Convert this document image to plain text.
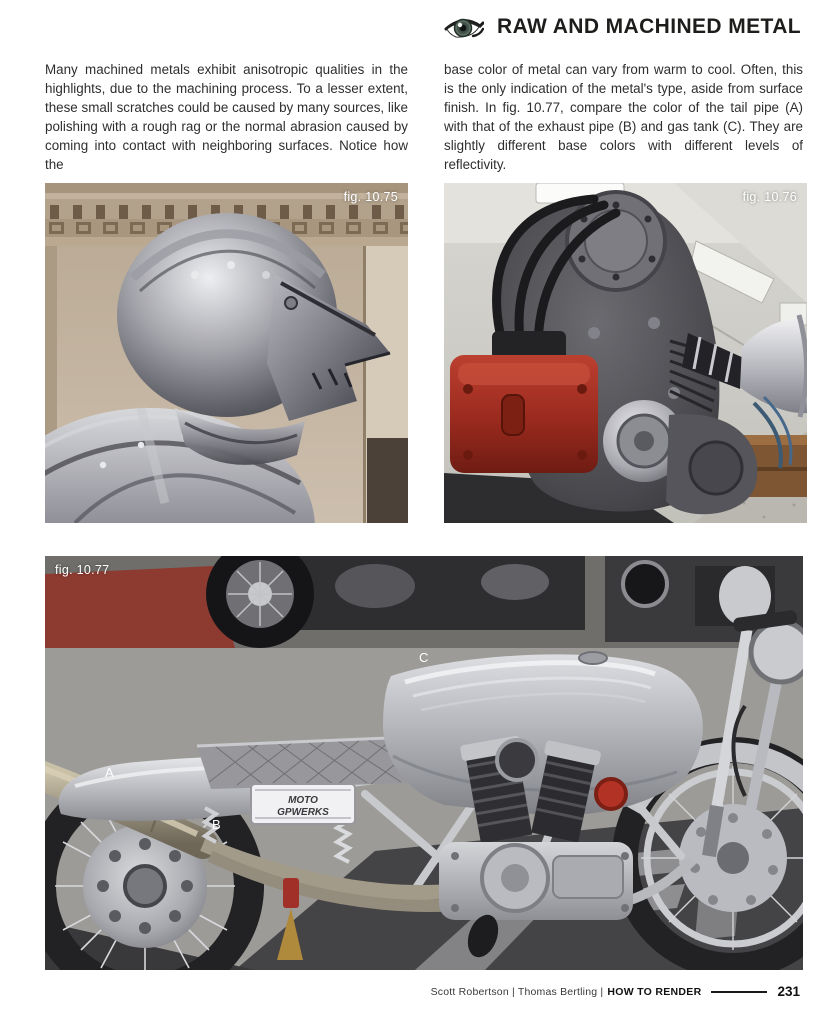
RAW AND MACHINED METAL
Many machined metals exhibit anisotropic qualities in the highlights, due to the machining process. To a lesser extent, these small scratches could be caused by many sources, like polishing with a rough rag or the normal abrasion caused by coming into contact with neighboring surfaces. Notice how the
base color of metal can vary from warm to cool. Often, this is the only indication of the metal's type, aside from surface finish. In fig. 10.77, compare the color of the tail pipe (A) with that of the exhaust pipe (B) and gas tank (C). They are slightly different base colors with different levels of reflectivity.
fig. 10.75	fig. 10.76
MOTO
GPWERKS
A
B
C
fig. 10.77
Scott Robertson | Thomas Bertling | HOW TO RENDER	231
